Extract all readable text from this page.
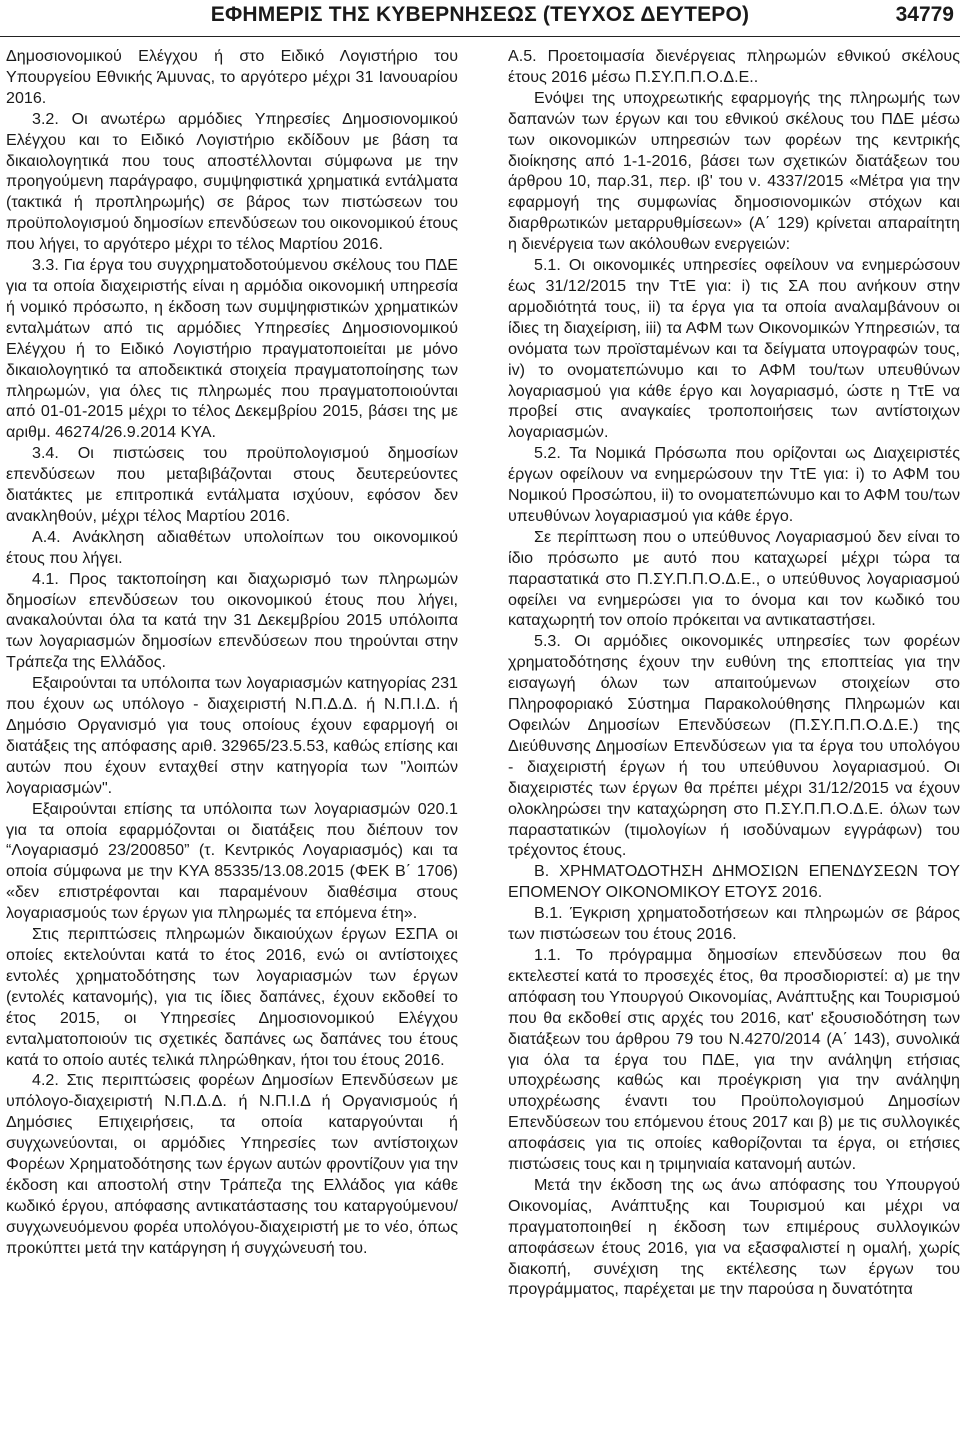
ΕΦΗΜΕΡΙΣ ΤΗΣ ΚΥΒΕΡΝΗΣΕΩΣ (ΤΕΥΧΟΣ ΔΕΥΤΕΡΟ)	34779

Δημοσιονομικού Ελέγχου ή στο Ειδικό Λογιστήριο του Υπουργείου Εθνικής Άμυνας, το αργότερο μέχρι 31 Ιανουαρίου 2016.

3.2. Οι ανωτέρω αρμόδιες Υπηρεσίες Δημοσιονομικού Ελέγχου και το Ειδικό Λογιστήριο εκδίδουν με βάση τα δικαιολογητικά που τους αποστέλλονται σύμφωνα με την προηγούμενη παράγραφο, συμψηφιστικά χρηματικά εντάλματα (τακτικά ή προπληρωμής) σε βάρος των πιστώσεων του προϋπολογισμού δημοσίων επενδύσεων του οικονομικού έτους που λήγει, το αργότερο μέχρι το τέλος Μαρτίου 2016.

3.3. Για έργα του συγχρηματοδοτούμενου σκέλους του ΠΔΕ για τα οποία διαχειριστής είναι η αρμόδια οικονομική υπηρεσία ή νομικό πρόσωπο, η έκδοση των συμψηφιστικών χρηματικών ενταλμάτων από τις αρμόδιες Υπηρεσίες Δημοσιονομικού Ελέγχου ή το Ειδικό Λογιστήριο πραγματοποιείται με μόνο δικαιολογητικό τα αποδεικτικά στοιχεία πραγματοποίησης των πληρωμών, για όλες τις πληρωμές που πραγματοποιούνται από 01-01-2015 μέχρι το τέλος Δεκεμβρίου 2015, βάσει της με αριθμ. 46274/26.9.2014 ΚΥΑ.

3.4. Οι πιστώσεις του προϋπολογισμού δημοσίων επενδύσεων που μεταβιβάζονται στους δευτερεύοντες διατάκτες με επιτροπικά εντάλματα ισχύουν, εφόσον δεν ανακληθούν, μέχρι τέλος Μαρτίου 2016.

Α.4. Ανάκληση αδιαθέτων υπολοίπων του οικονομικού έτους που λήγει.

4.1. Προς τακτοποίηση και διαχωρισμό των πληρωμών δημοσίων επενδύσεων του οικονομικού έτους που λήγει, ανακαλούνται όλα τα κατά την 31 Δεκεμβρίου 2015 υπόλοιπα των λογαριασμών δημοσίων επενδύσεων που τηρούνται στην Τράπεζα της Ελλάδος.

Εξαιρούνται τα υπόλοιπα των λογαριασμών κατηγορίας 231 που έχουν ως υπόλογο - διαχειριστή Ν.Π.Δ.Δ. ή Ν.Π.Ι.Δ. ή Δημόσιο Οργανισμό για τους οποίους έχουν εφαρμογή οι διατάξεις της απόφασης αριθ. 32965/23.5.53, καθώς επίσης και αυτών που έχουν ενταχθεί στην κατηγορία των "λοιπών λογαριασμών".

Εξαιρούνται επίσης τα υπόλοιπα των λογαριασμών 020.1 για τα οποία εφαρμόζονται οι διατάξεις που διέπουν τον “Λογαριασμό 23/200850” (τ. Κεντρικός Λογαριασμός) και τα οποία σύμφωνα με την ΚΥΑ 85335/13.08.2015 (ΦΕΚ Β΄ 1706) «δεν επιστρέφονται και παραμένουν διαθέσιμα στους λογαριασμούς των έργων για πληρωμές τα επόμενα έτη».

Στις περιπτώσεις πληρωμών δικαιούχων έργων ΕΣΠΑ οι οποίες εκτελούνται κατά το έτος 2016, ενώ οι αντίστοιχες εντολές χρηματοδότησης των λογαριασμών των έργων (εντολές κατανομής), για τις ίδιες δαπάνες, έχουν εκδοθεί το έτος 2015, οι Υπηρεσίες Δημοσιονομικού Ελέγχου ενταλματοποιούν τις σχετικές δαπάνες ως δαπάνες του έτους κατά το οποίο αυτές τελικά πληρώθηκαν, ήτοι του έτους 2016.

4.2. Στις περιπτώσεις φορέων Δημοσίων Επενδύσεων με υπόλογο-διαχειριστή Ν.Π.Δ.Δ. ή Ν.Π.Ι.Δ ή Οργανισμούς ή Δημόσιες Επιχειρήσεις, τα οποία καταργούνται ή συγχωνεύονται, οι αρμόδιες Υπηρεσίες των αντίστοιχων Φορέων Χρηματοδότησης των έργων αυτών φροντίζουν για την έκδοση και αποστολή στην Τράπεζα της Ελλάδος για κάθε κωδικό έργου, απόφασης αντικατάστασης του καταργούμενου/συγχωνευόμενου φορέα υπολόγου-διαχειριστή με το νέο, όπως προκύπτει μετά την κατάργηση ή συγχώνευσή του.

Α.5. Προετοιμασία διενέργειας πληρωμών εθνικού σκέλους έτους 2016 μέσω Π.ΣΥ.Π.Π.Ο.Δ.Ε..

Ενόψει της υποχρεωτικής εφαρμογής της πληρωμής των δαπανών των έργων και του εθνικού σκέλους του ΠΔΕ μέσω των οικονομικών υπηρεσιών των φορέων της κεντρικής διοίκησης από 1-1-2016, βάσει των σχετικών διατάξεων του άρθρου 10, παρ.31, περ. ιβ' του ν. 4337/2015 «Μέτρα για την εφαρμογή της συμφωνίας δημοσιονομικών στόχων και διαρθρωτικών μεταρρυθμίσεων» (Α΄ 129) κρίνεται απαραίτητη η διενέργεια των ακόλουθων ενεργειών:

5.1. Οι οικονομικές υπηρεσίες οφείλουν να ενημερώσουν έως 31/12/2015 την ΤτΕ για: i) τις ΣΑ που ανήκουν στην αρμοδιότητά τους, ii) τα έργα για τα οποία αναλαμβάνουν οι ίδιες τη διαχείριση, iii) τα ΑΦΜ των Οικονομικών Υπηρεσιών, τα ονόματα των προϊσταμένων και τα δείγματα υπογραφών τους, iv) το ονοματεπώνυμο και το ΑΦΜ του/των υπευθύνων λογαριασμού για κάθε έργο και λογαριασμό, ώστε η ΤτΕ να προβεί στις αναγκαίες τροποποιήσεις των αντίστοιχων λογαριασμών.

5.2. Τα Νομικά Πρόσωπα που ορίζονται ως Διαχειριστές έργων οφείλουν να ενημερώσουν την ΤτΕ για: i) το ΑΦΜ του Νομικού Προσώπου, ii) το ονοματεπώνυμο και το ΑΦΜ του/των υπευθύνων λογαριασμού για κάθε έργο.

Σε περίπτωση που ο υπεύθυνος Λογαριασμού δεν είναι το ίδιο πρόσωπο με αυτό που καταχωρεί μέχρι τώρα τα παραστατικά στο Π.ΣΥ.Π.Π.Ο.Δ.Ε., ο υπεύθυνος λογαριασμού οφείλει να ενημερώσει για το όνομα και τον κωδικό του καταχωρητή τον οποίο πρόκειται να αντικαταστήσει.

5.3. Οι αρμόδιες οικονομικές υπηρεσίες των φορέων χρηματοδότησης έχουν την ευθύνη της εποπτείας για την εισαγωγή όλων των απαιτούμενων στοιχείων στο Πληροφοριακό Σύστημα Παρακολούθησης Πληρωμών και Οφειλών Δημοσίων Επενδύσεων (Π.ΣΥ.Π.Π.Ο.Δ.Ε.) της Διεύθυνσης Δημοσίων Επενδύσεων για τα έργα του υπολόγου - διαχειριστή έργων ή του υπεύθυνου λογαριασμού. Οι διαχειριστές των έργων θα πρέπει μέχρι 31/12/2015 να έχουν ολοκληρώσει την καταχώρηση στο Π.ΣΥ.Π.Π.Ο.Δ.Ε. όλων των παραστατικών (τιμολογίων ή ισοδύναμων εγγράφων) του τρέχοντος έτους.

Β. ΧΡΗΜΑΤΟΔΟΤΗΣΗ ΔΗΜΟΣΙΩΝ ΕΠΕΝΔΥΣΕΩΝ ΤΟΥ ΕΠΟΜΕΝΟΥ ΟΙΚΟΝΟΜΙΚΟΥ ΕΤΟΥΣ 2016.

Β.1. Έγκριση χρηματοδοτήσεων και πληρωμών σε βάρος των πιστώσεων του έτους 2016.

1.1. Το πρόγραμμα δημοσίων επενδύσεων που θα εκτελεστεί κατά το προσεχές έτος, θα προσδιοριστεί: α) με την απόφαση του Υπουργού Οικονομίας, Ανάπτυξης και Τουρισμού που θα εκδοθεί στις αρχές του 2016, κατ' εξουσιοδότηση των διατάξεων του άρθρου 79 του Ν.4270/2014 (Α΄ 143), συνολικά για όλα τα έργα του ΠΔΕ, για την ανάληψη ετήσιας υποχρέωσης καθώς και προέγκριση για την ανάληψη υποχρέωσης έναντι του Προϋπολογισμού Δημοσίων Επενδύσεων του επόμενου έτους 2017 και β) με τις συλλογικές αποφάσεις για τις οποίες καθορίζονται τα έργα, οι ετήσιες πιστώσεις τους και η τριμηνιαία κατανομή αυτών.

Μετά την έκδοση της ως άνω απόφασης του Υπουργού Οικονομίας, Ανάπτυξης και Τουρισμού και μέχρι να πραγματοποιηθεί η έκδοση των επιμέρους συλλογικών αποφάσεων έτους 2016, για να εξασφαλιστεί η ομαλή, χωρίς διακοπή, συνέχιση της εκτέλεσης των έργων του προγράμματος, παρέχεται με την παρούσα η δυνατότητα
